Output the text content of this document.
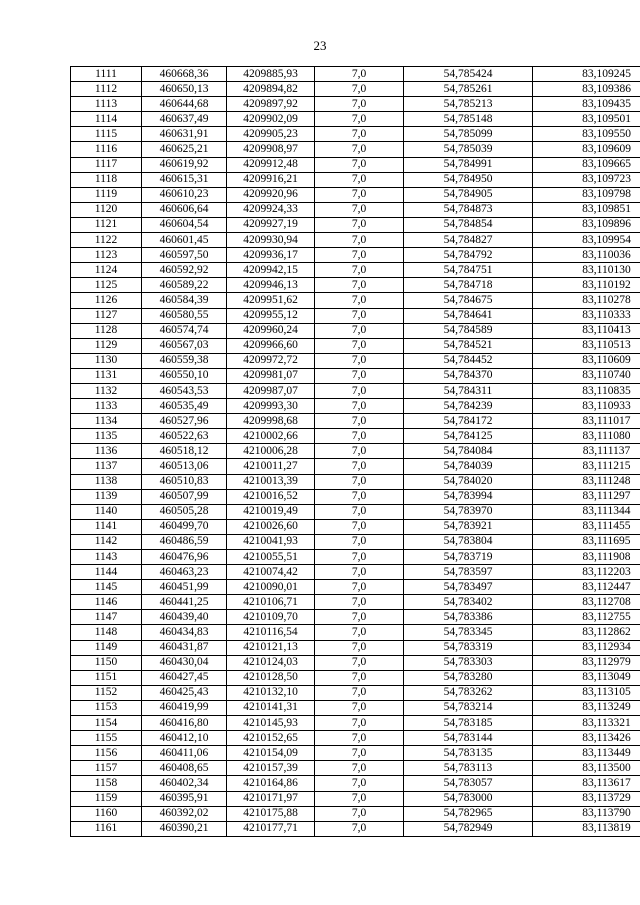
23
1111	460668,36	4209885,93	7,0	54,785424	83,109245
1112	460650,13	4209894,82	7,0	54,785261	83,109386
1113	460644,68	4209897,92	7,0	54,785213	83,109435
1114	460637,49	4209902,09	7,0	54,785148	83,109501
1115	460631,91	4209905,23	7,0	54,785099	83,109550
1116	460625,21	4209908,97	7,0	54,785039	83,109609
1117	460619,92	4209912,48	7,0	54,784991	83,109665
1118	460615,31	4209916,21	7,0	54,784950	83,109723
1119	460610,23	4209920,96	7,0	54,784905	83,109798
1120	460606,64	4209924,33	7,0	54,784873	83,109851
1121	460604,54	4209927,19	7,0	54,784854	83,109896
1122	460601,45	4209930,94	7,0	54,784827	83,109954
1123	460597,50	4209936,17	7,0	54,784792	83,110036
1124	460592,92	4209942,15	7,0	54,784751	83,110130
1125	460589,22	4209946,13	7,0	54,784718	83,110192
1126	460584,39	4209951,62	7,0	54,784675	83,110278
1127	460580,55	4209955,12	7,0	54,784641	83,110333
1128	460574,74	4209960,24	7,0	54,784589	83,110413
1129	460567,03	4209966,60	7,0	54,784521	83,110513
1130	460559,38	4209972,72	7,0	54,784452	83,110609
1131	460550,10	4209981,07	7,0	54,784370	83,110740
1132	460543,53	4209987,07	7,0	54,784311	83,110835
1133	460535,49	4209993,30	7,0	54,784239	83,110933
1134	460527,96	4209998,68	7,0	54,784172	83,111017
1135	460522,63	4210002,66	7,0	54,784125	83,111080
1136	460518,12	4210006,28	7,0	54,784084	83,111137
1137	460513,06	4210011,27	7,0	54,784039	83,111215
1138	460510,83	4210013,39	7,0	54,784020	83,111248
1139	460507,99	4210016,52	7,0	54,783994	83,111297
1140	460505,28	4210019,49	7,0	54,783970	83,111344
1141	460499,70	4210026,60	7,0	54,783921	83,111455
1142	460486,59	4210041,93	7,0	54,783804	83,111695
1143	460476,96	4210055,51	7,0	54,783719	83,111908
1144	460463,23	4210074,42	7,0	54,783597	83,112203
1145	460451,99	4210090,01	7,0	54,783497	83,112447
1146	460441,25	4210106,71	7,0	54,783402	83,112708
1147	460439,40	4210109,70	7,0	54,783386	83,112755
1148	460434,83	4210116,54	7,0	54,783345	83,112862
1149	460431,87	4210121,13	7,0	54,783319	83,112934
1150	460430,04	4210124,03	7,0	54,783303	83,112979
1151	460427,45	4210128,50	7,0	54,783280	83,113049
1152	460425,43	4210132,10	7,0	54,783262	83,113105
1153	460419,99	4210141,31	7,0	54,783214	83,113249
1154	460416,80	4210145,93	7,0	54,783185	83,113321
1155	460412,10	4210152,65	7,0	54,783144	83,113426
1156	460411,06	4210154,09	7,0	54,783135	83,113449
1157	460408,65	4210157,39	7,0	54,783113	83,113500
1158	460402,34	4210164,86	7,0	54,783057	83,113617
1159	460395,91	4210171,97	7,0	54,783000	83,113729
1160	460392,02	4210175,88	7,0	54,782965	83,113790
1161	460390,21	4210177,71	7,0	54,782949	83,113819
